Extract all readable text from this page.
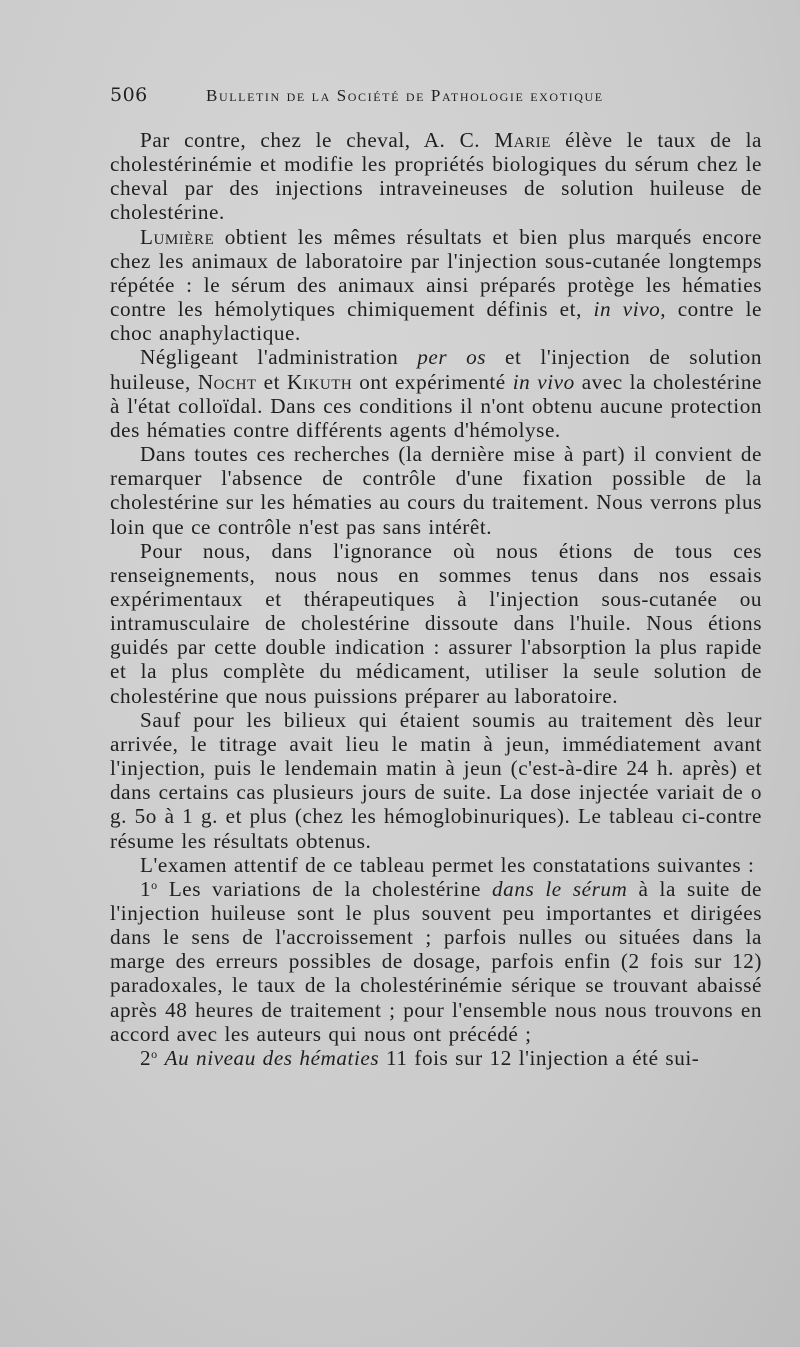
506	Bulletin de la Société de Pathologie exotique

Par contre, chez le cheval, A. C. Marie élève le taux de la cholestérinémie et modifie les propriétés biologiques du sérum chez le cheval par des injections intraveineuses de solution huileuse de cholestérine.

Lumière obtient les mêmes résultats et bien plus marqués encore chez les animaux de laboratoire par l'injection sous-cutanée longtemps répétée : le sérum des animaux ainsi préparés protège les hématies contre les hémolytiques chimiquement définis et, in vivo, contre le choc anaphylactique.

Négligeant l'administration per os et l'injection de solution huileuse, Nocht et Kikuth ont expérimenté in vivo avec la cholestérine à l'état colloïdal. Dans ces conditions il n'ont obtenu aucune protection des hématies contre différents agents d'hémolyse.

Dans toutes ces recherches (la dernière mise à part) il convient de remarquer l'absence de contrôle d'une fixation possible de la cholestérine sur les hématies au cours du traitement. Nous verrons plus loin que ce contrôle n'est pas sans intérêt.

Pour nous, dans l'ignorance où nous étions de tous ces renseignements, nous nous en sommes tenus dans nos essais expérimentaux et thérapeutiques à l'injection sous-cutanée ou intramusculaire de cholestérine dissoute dans l'huile. Nous étions guidés par cette double indication : assurer l'absorption la plus rapide et la plus complète du médicament, utiliser la seule solution de cholestérine que nous puissions préparer au laboratoire.

Sauf pour les bilieux qui étaient soumis au traitement dès leur arrivée, le titrage avait lieu le matin à jeun, immédiatement avant l'injection, puis le lendemain matin à jeun (c'est-à-dire 24 h. après) et dans certains cas plusieurs jours de suite. La dose injectée variait de o g. 5o à 1 g. et plus (chez les hémoglobinuriques). Le tableau ci-contre résume les résultats obtenus.

L'examen attentif de ce tableau permet les constatations suivantes :

1$^o$ Les variations de la cholestérine dans le sérum à la suite de l'injection huileuse sont le plus souvent peu importantes et dirigées dans le sens de l'accroissement ; parfois nulles ou situées dans la marge des erreurs possibles de dosage, parfois enfin (2 fois sur 12) paradoxales, le taux de la cholestérinémie sérique se trouvant abaissé après 48 heures de traitement ; pour l'ensemble nous nous trouvons en accord avec les auteurs qui nous ont précédé ;

2$^o$ Au niveau des hématies 11 fois sur 12 l'injection a été sui-
